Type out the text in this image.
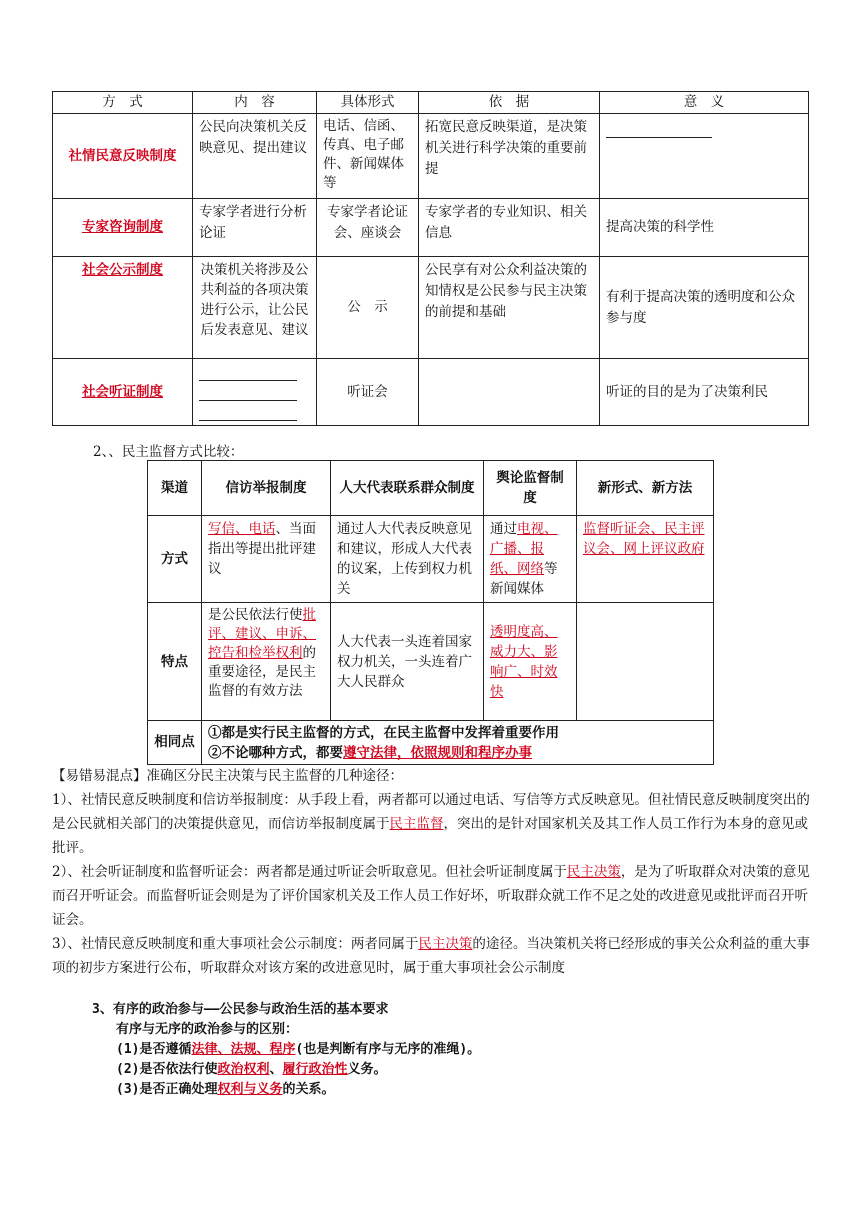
方　式	内　容	具体形式	依　据	意　义
社情民意反映制度	公民向决策机关反映意见、提出建议	电话、信函、传真、电子邮件、新闻媒体等	拓宽民意反映渠道，是决策机关进行科学决策的重要前提	
专家咨询制度	专家学者进行分析论证	专家学者论证会、座谈会	专家学者的专业知识、相关信息	提高决策的科学性
社会公示制度	决策机关将涉及公共利益的各项决策进行公示，让公民后发表意见、建议	公　示	公民享有对公众利益决策的知情权是公民参与民主决策的前提和基础	有利于提高决策的透明度和公众参与度
社会听证制度		听证会		听证的目的是为了决策利民
2、、民主监督方式比较：
渠道	信访举报制度	人大代表联系群众制度	舆论监督制度	新形式、新方法
方式	写信、电话、当面指出等提出批评建议	通过人大代表反映意见和建议，形成人大代表的议案，上传到权力机关	通过电视、广播、报纸、网络等新闻媒体	监督听证会、民主评议会、网上评议政府
特点	是公民依法行使批评、建议、申诉、控告和检举权利的重要途径，是民主监督的有效方法	人大代表一头连着国家权力机关，一头连着广大人民群众	透明度高、威力大、影响广、时效快	
相同点	①都是实行民主监督的方式，在民主监督中发挥着重要作用
②不论哪种方式，都要遵守法律，依照规则和程序办事			

【易错易混点】准确区分民主决策与民主监督的几种途径：

1）、社情民意反映制度和信访举报制度：从手段上看，两者都可以通过电话、写信等方式反映意见。但社情民意反映制度突出的是公民就相关部门的决策提供意见，而信访举报制度属于民主监督，突出的是针对国家机关及其工作人员工作行为本身的意见或批评。

2）、社会听证制度和监督听证会：两者都是通过听证会听取意见。但社会听证制度属于民主决策，是为了听取群众对决策的意见而召开听证会。而监督听证会则是为了评价国家机关及工作人员工作好坏，听取群众就工作不足之处的改进意见或批评而召开听证会。

3）、社情民意反映制度和重大事项社会公示制度：两者同属于民主决策的途径。当决策机关将已经形成的事关公众利益的重大事项的初步方案进行公布，听取群众对该方案的改进意见时，属于重大事项社会公示制度

3、有序的政治参与——公民参与政治生活的基本要求
有序与无序的政治参与的区别：
(1)是否遵循法律、法规、程序(也是判断有序与无序的准绳)。
(2)是否依法行使政治权利、履行政治性义务。
(3)是否正确处理权利与义务的关系。
